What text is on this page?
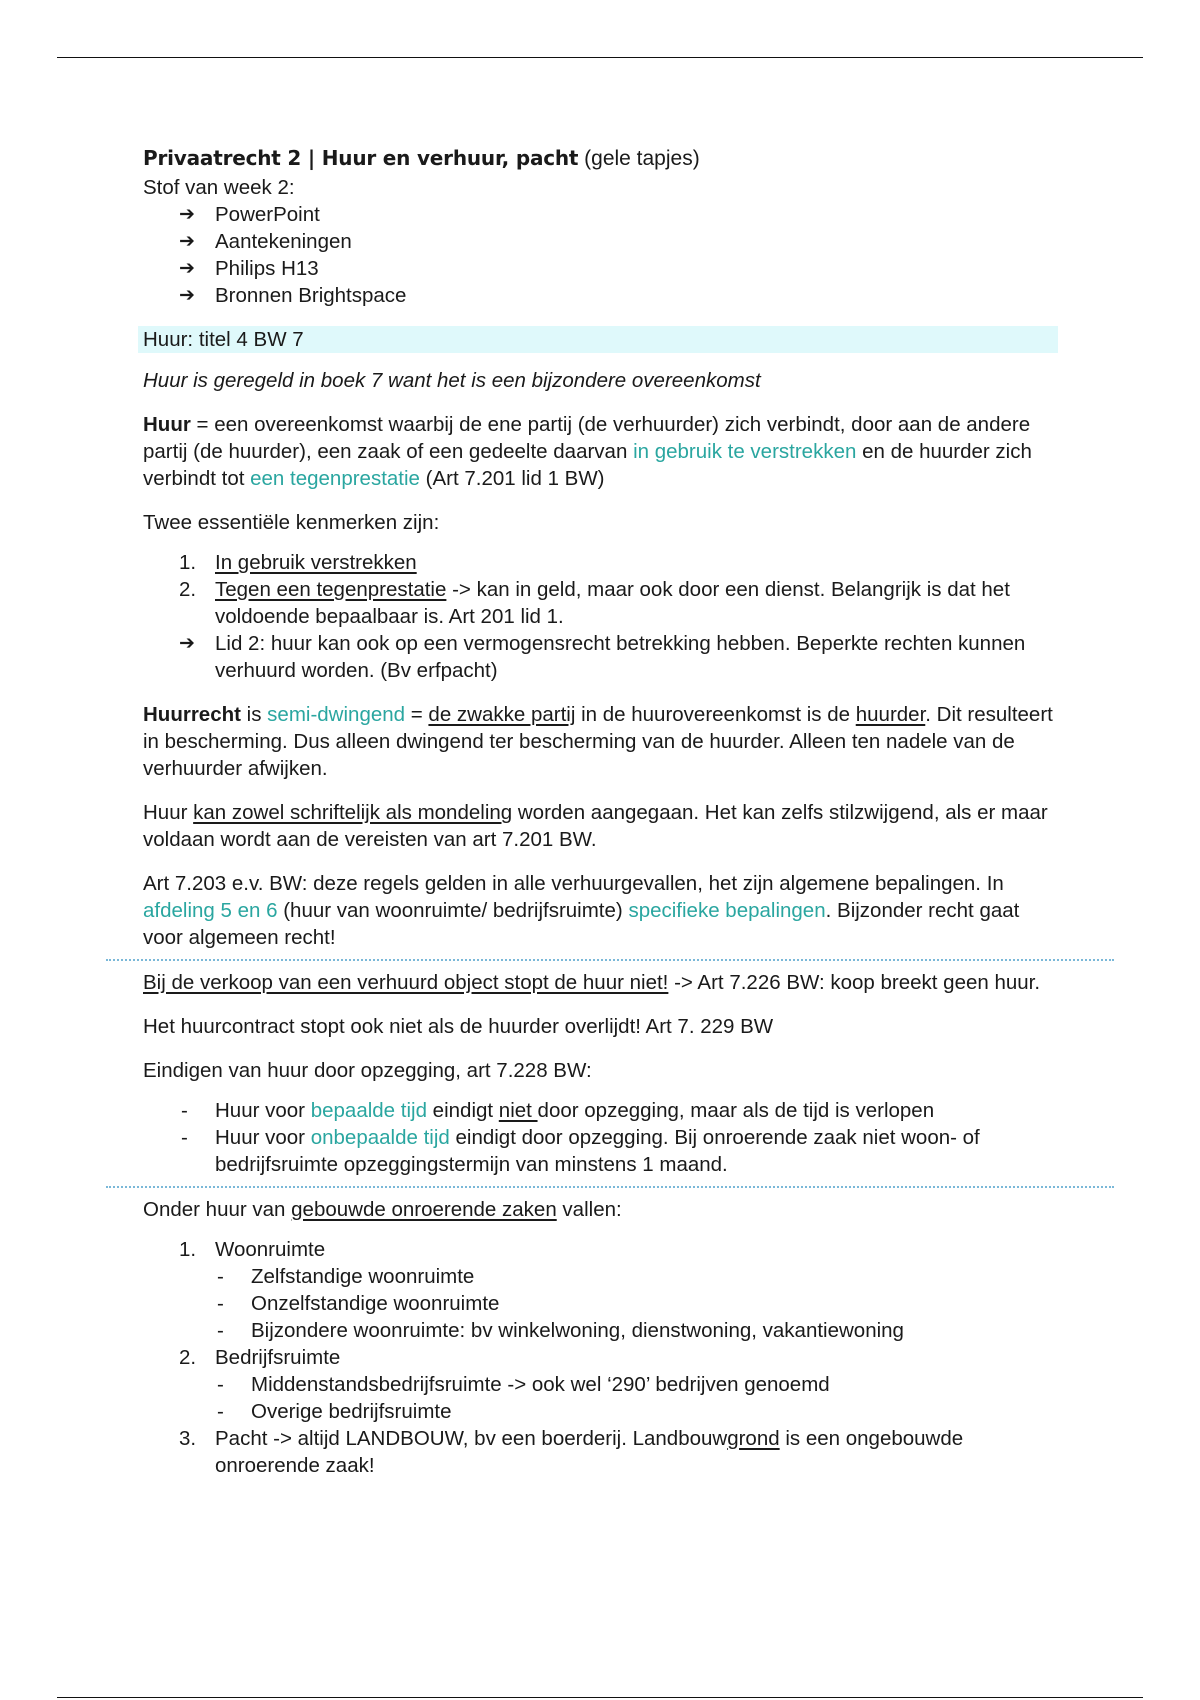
Privaatrecht 2 | Huur en verhuur, pacht (gele tapjes)

Stof van week 2:

➔ PowerPoint
➔ Aantekeningen
➔ Philips H13
➔ Bronnen Brightspace
Huur: titel 4 BW 7

Huur is geregeld in boek 7 want het is een bijzondere overeenkomst

Huur = een overeenkomst waarbij de ene partij (de verhuurder) zich verbindt, door aan de andere partij (de huurder), een zaak of een gedeelte daarvan in gebruik te verstrekken en de huurder zich verbindt tot een tegenprestatie (Art 7.201 lid 1 BW)

Twee essentiële kenmerken zijn:

1. In gebruik verstrekken
2. Tegen een tegenprestatie -> kan in geld, maar ook door een dienst. Belangrijk is dat het voldoende bepaalbaar is. Art 201 lid 1.
➔ Lid 2: huur kan ook op een vermogensrecht betrekking hebben. Beperkte rechten kunnen verhuurd worden. (Bv erfpacht)

Huurrecht is semi-dwingend = de zwakke partij in de huurovereenkomst is de huurder. Dit resulteert in bescherming. Dus alleen dwingend ter bescherming van de huurder. Alleen ten nadele van de verhuurder afwijken.

Huur kan zowel schriftelijk als mondeling worden aangegaan. Het kan zelfs stilzwijgend, als er maar voldaan wordt aan de vereisten van art 7.201 BW.

Art 7.203 e.v. BW: deze regels gelden in alle verhuurgevallen, het zijn algemene bepalingen. In afdeling 5 en 6 (huur van woonruimte/ bedrijfsruimte) specifieke bepalingen. Bijzonder recht gaat voor algemeen recht!

Bij de verkoop van een verhuurd object stopt de huur niet! -> Art 7.226 BW: koop breekt geen huur.

Het huurcontract stopt ook niet als de huurder overlijdt! Art 7. 229 BW

Eindigen van huur door opzegging, art 7.228 BW:

- Huur voor bepaalde tijd eindigt niet door opzegging, maar als de tijd is verlopen
- Huur voor onbepaalde tijd eindigt door opzegging. Bij onroerende zaak niet woon- of bedrijfsruimte opzeggingstermijn van minstens 1 maand.

Onder huur van gebouwde onroerende zaken vallen:

1. Woonruimte
- Zelfstandige woonruimte
- Onzelfstandige woonruimte
- Bijzondere woonruimte: bv winkelwoning, dienstwoning, vakantiewoning
2. Bedrijfsruimte
- Middenstandsbedrijfsruimte -> ook wel ‘290’ bedrijven genoemd
- Overige bedrijfsruimte
3. Pacht -> altijd LANDBOUW, bv een boerderij. Landbouwgrond is een ongebouwde onroerende zaak!
